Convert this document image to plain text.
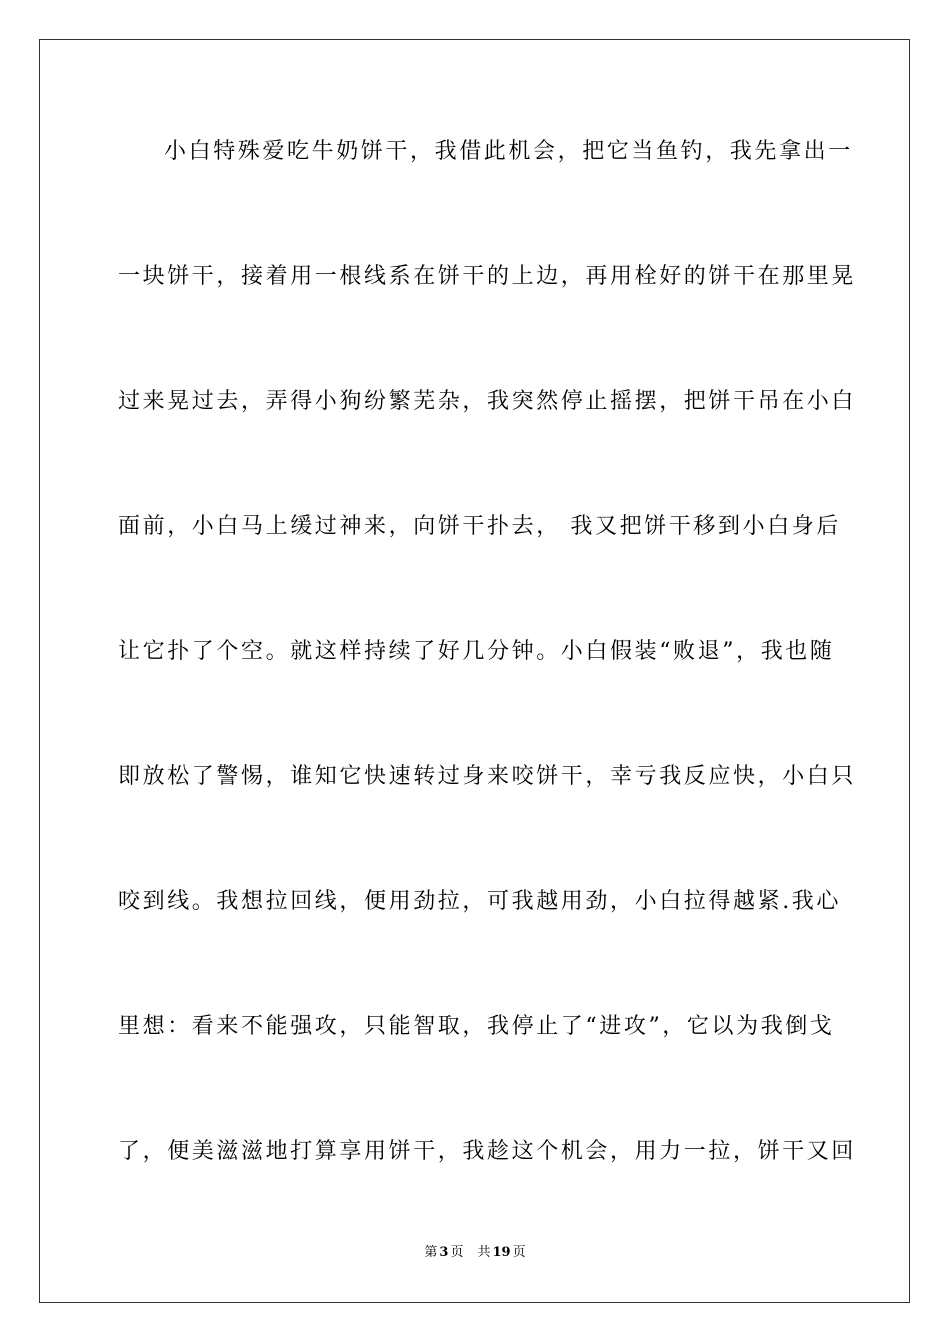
小白特殊爱吃牛奶饼干，我借此机会，把它当鱼钓，我先拿出一
一块饼干，接着用一根线系在饼干的上边，再用栓好的饼干在那里晃
过来晃过去，弄得小狗纷繁芜杂，我突然停止摇摆，把饼干吊在小白
面前，小白马上缓过神来，向饼干扑去， 我又把饼干移到小白身后
让它扑了个空。就这样持续了好几分钟。小白假装“败退”，我也随
即放松了警惕，谁知它快速转过身来咬饼干，幸亏我反应快，小白只
咬到线。我想拉回线，便用劲拉，可我越用劲，小白拉得越紧.我心
里想：看来不能强攻，只能智取，我停止了“进攻”，它以为我倒戈
了，便美滋滋地打算享用饼干，我趁这个机会，用力一拉，饼干又回
第 3 页 共 19 页
